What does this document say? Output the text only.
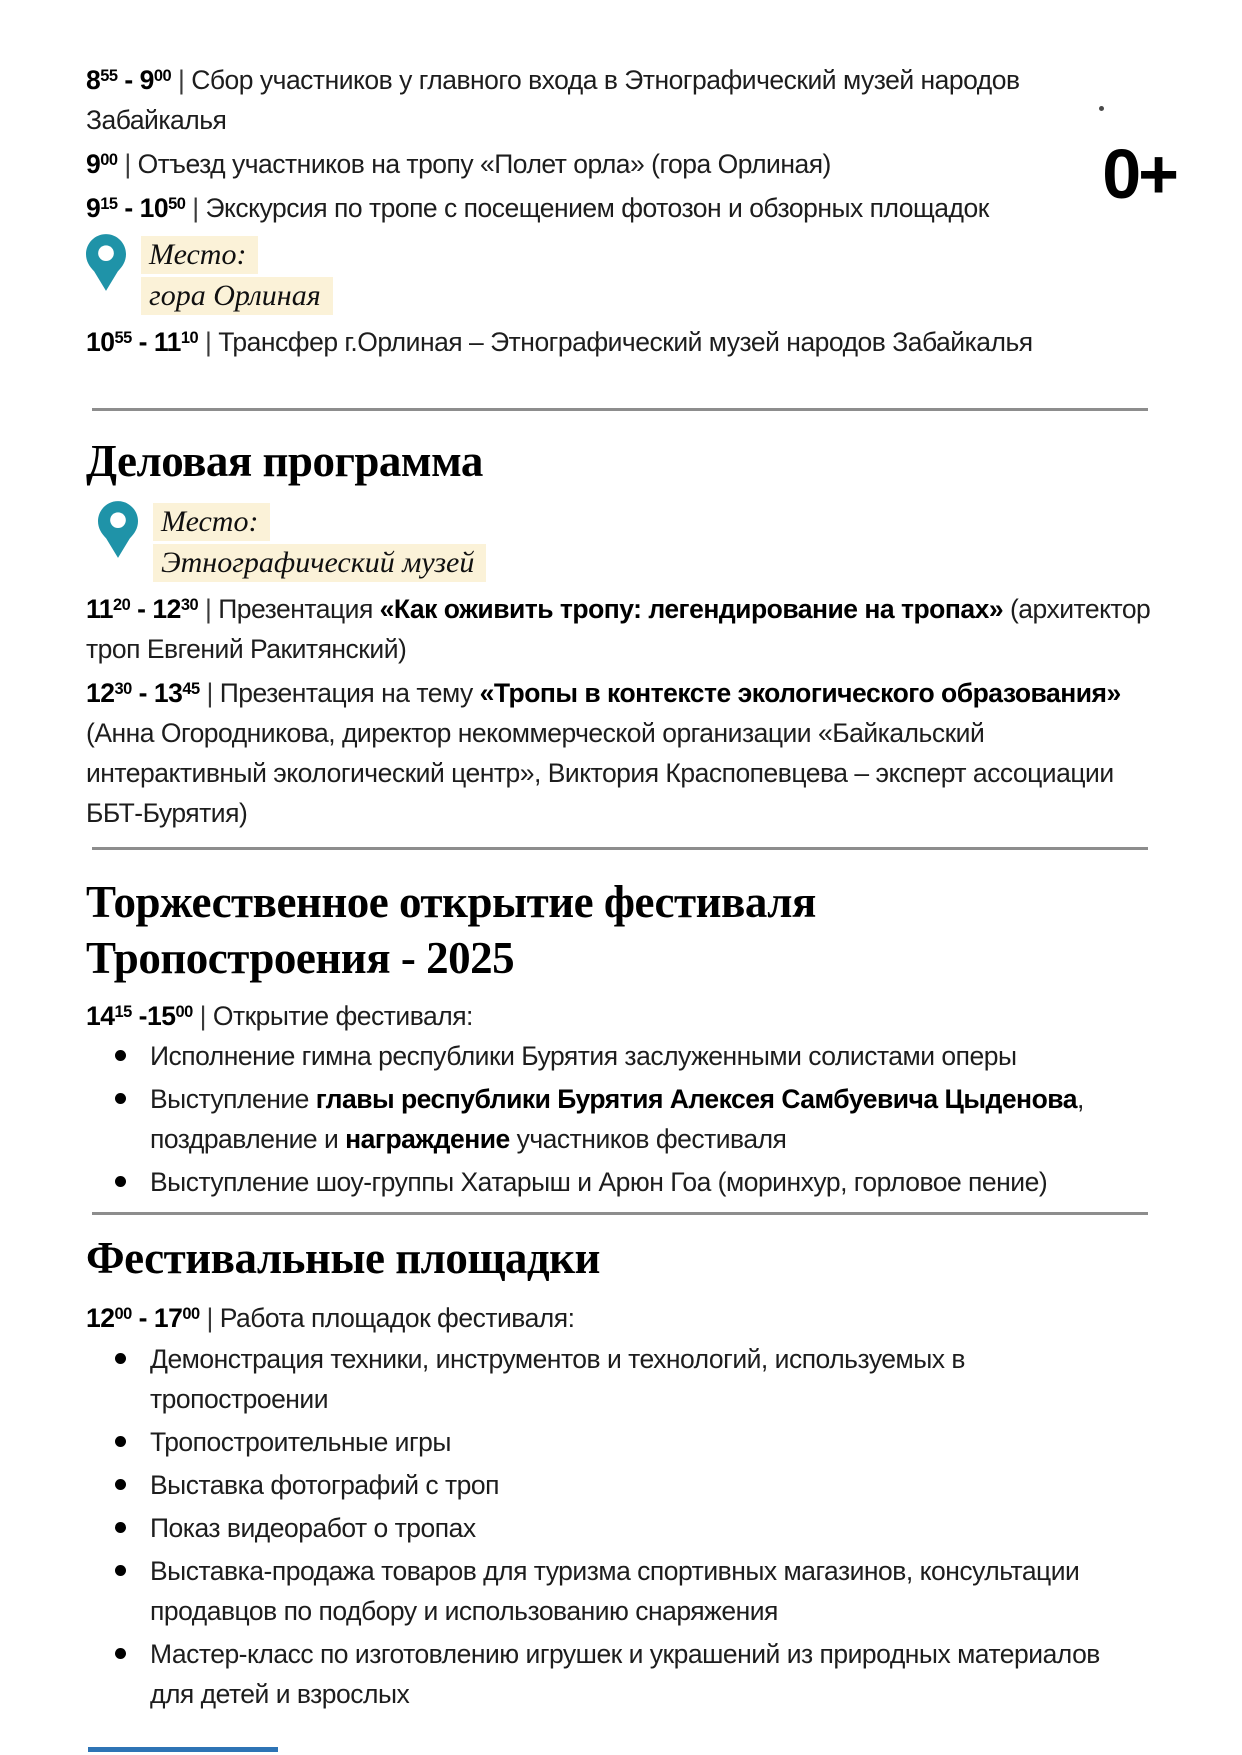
0+

$8^{55} - 9^{00}$ | Сбор участников у главного входа в Этнографический музей народов

Забайкалья

$9^{00}$ | Отъезд участников на тропу «Полет орла» (гора Орлиная)

$9^{15} - 10^{50}$ | Экскурсия по тропе с посещением фотозон и обзорных площадок

Место:
гора Орлиная

$10^{55} - 11^{10}$ | Трансфер г.Орлиная – Этнографический музей народов Забайкалья

Деловая программа
Место:
Этнографический музей

$11^{20} - 12^{30}$ | Презентация «Как оживить тропу: легендирование на тропах» (архитектор

троп Евгений Ракитянский)

$12^{30} - 13^{45}$ | Презентация на тему «Тропы в контексте экологического образования»

(Анна Огородникова, директор некоммерческой организации «Байкальский

интерактивный экологический центр», Виктория Краспопевцева – эксперт ассоциации

ББТ-Бурятия)

Торжественное открытие фестиваля
Тропостроения - 2025

$14^{15}$ $-15^{00}$ | Открытие фестиваля:

Исполнение гимна республики Бурятия заслуженными солистами оперы
Выступление главы республики Бурятия Алексея Самбуевича Цыденова,
поздравление и награждение участников фестиваля
Выступление шоу-группы Хатарыш и Арюн Гоа (моринхур, горловое пение)
Фестивальные площадки

$12^{00} - 17^{00}$ | Работа площадок фестиваля:

Демонстрация техники, инструментов и технологий, используемых в
тропостроении
Тропостроительные игры
Выставка фотографий с троп
Показ видеоработ о тропах
Выставка-продажа товаров для туризма спортивных магазинов, консультации
продавцов по подбору и использованию снаряжения
Мастер-класс по изготовлению игрушек и украшений из природных материалов
для детей и взрослых
